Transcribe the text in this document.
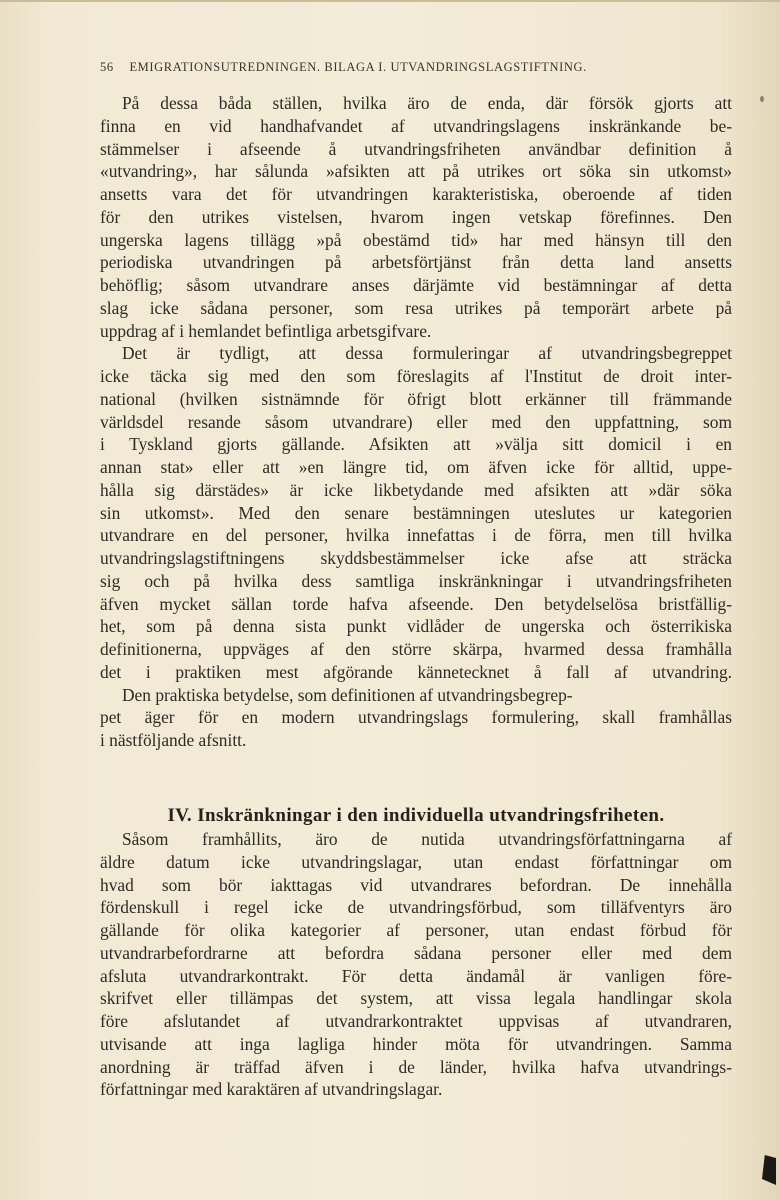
56 EMIGRATIONSUTREDNINGEN. BILAGA I. UTVANDRINGSLAGSTIFTNING.
På dessa båda ställen, hvilka äro de enda, där försök gjorts att
finna en vid handhafvandet af utvandringslagens inskränkande be-
stämmelser i afseende å utvandringsfriheten användbar definition å
«utvandring», har sålunda »afsikten att på utrikes ort söka sin utkomst»
ansetts vara det för utvandringen karakteristiska, oberoende af tiden
för den utrikes vistelsen, hvarom ingen vetskap förefinnes. Den
ungerska lagens tillägg »på obestämd tid» har med hänsyn till den
periodiska utvandringen på arbetsförtjänst från detta land ansetts
behöflig; såsom utvandrare anses därjämte vid bestämningar af detta
slag icke sådana personer, som resa utrikes på temporärt arbete på
uppdrag af i hemlandet befintliga arbetsgifvare.
Det är tydligt, att dessa formuleringar af utvandringsbegreppet
icke täcka sig med den som föreslagits af l'Institut de droit inter-
national (hvilken sistnämnde för öfrigt blott erkänner till främmande
världsdel resande såsom utvandrare) eller med den uppfattning, som
i Tyskland gjorts gällande. Afsikten att »välja sitt domicil i en
annan stat» eller att »en längre tid, om äfven icke för alltid, uppe-
hålla sig därstädes» är icke likbetydande med afsikten att »där söka
sin utkomst». Med den senare bestämningen uteslutes ur kategorien
utvandrare en del personer, hvilka innefattas i de förra, men till hvilka
utvandringslagstiftningens skyddsbestämmelser icke afse att sträcka
sig och på hvilka dess samtliga inskränkningar i utvandringsfriheten
äfven mycket sällan torde hafva afseende. Den betydelselösa bristfällig-
het, som på denna sista punkt vidlåder de ungerska och österrikiska
definitionerna, uppväges af den större skärpa, hvarmed dessa framhålla
det i praktiken mest afgörande kännetecknet å fall af utvandring.
Den praktiska betydelse, som definitionen af utvandringsbegrep-
pet äger för en modern utvandringslags formulering, skall framhållas
i nästföljande afsnitt.
IV. Inskränkningar i den individuella utvandringsfriheten.
Såsom framhållits, äro de nutida utvandringsförfattningarna af
äldre datum icke utvandringslagar, utan endast författningar om
hvad som bör iakttagas vid utvandrares befordran. De innehålla
fördenskull i regel icke de utvandringsförbud, som tilläfventyrs äro
gällande för olika kategorier af personer, utan endast förbud för
utvandrarbefordrarne att befordra sådana personer eller med dem
afsluta utvandrarkontrakt. För detta ändamål är vanligen före-
skrifvet eller tillämpas det system, att vissa legala handlingar skola
före afslutandet af utvandrarkontraktet uppvisas af utvandraren,
utvisande att inga lagliga hinder möta för utvandringen. Samma
anordning är träffad äfven i de länder, hvilka hafva utvandrings-
författningar med karaktären af utvandringslagar.
